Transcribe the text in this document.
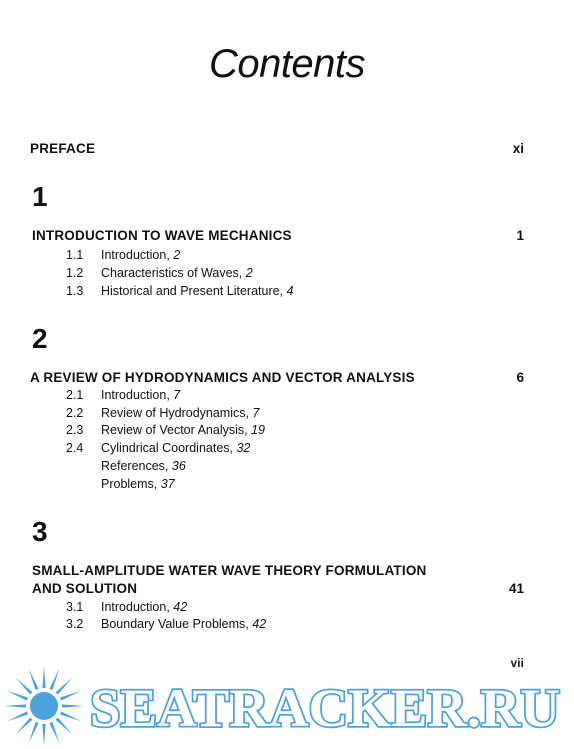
Contents
PREFACE	xi
1
INTRODUCTION TO WAVE MECHANICS	1
1.1 Introduction, 2
1.2 Characteristics of Waves, 2
1.3 Historical and Present Literature, 4
2
A REVIEW OF HYDRODYNAMICS AND VECTOR ANALYSIS	6
2.1 Introduction, 7
2.2 Review of Hydrodynamics, 7
2.3 Review of Vector Analysis, 19
2.4 Cylindrical Coordinates, 32
References, 36
Problems, 37
3
SMALL-AMPLITUDE WATER WAVE THEORY FORMULATION
AND SOLUTION	41
3.1 Introduction, 42
3.2 Boundary Value Problems, 42
vii
SEATRACKER.RU
